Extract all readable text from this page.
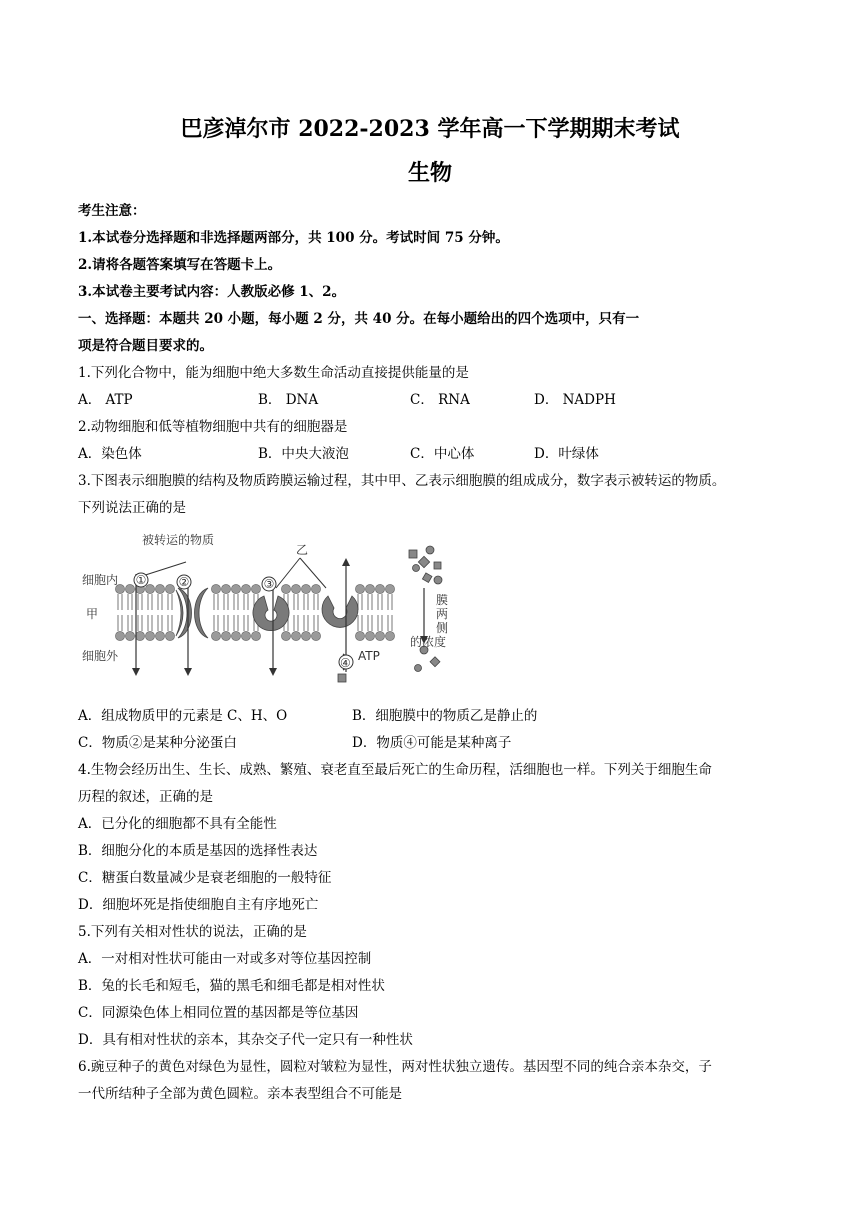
巴彦淖尔市 2022-2023 学年高一下学期期末考试
生物
考生注意：
1.本试卷分选择题和非选择题两部分，共 100 分。考试时间 75 分钟。
2.请将各题答案填写在答题卡上。
3.本试卷主要考试内容：人教版必修 1、2。
一、选择题：本题共 20 小题，每小题 2 分，共 40 分。在每小题给出的四个选项中，只有一
项是符合题目要求的。
1.下列化合物中，能为细胞中绝大多数生命活动直接提供能量的是
A． ATP	B． DNA	C． RNA	D． NADPH
2.动物细胞和低等植物细胞中共有的细胞器是
A．染色体	B．中央大液泡	C．中心体	D．叶绿体
3.下图表示细胞膜的结构及物质跨膜运输过程，其中甲、乙表示细胞膜的组成成分，数字表示被转运的物质。
下列说法正确的是
①	②	③
④
被转运的物质
细胞内
甲
细胞外
乙
膜
两
侧
的浓度
ATP
A．组成物质甲的元素是 C、H、O	B．细胞膜中的物质乙是静止的
C．物质②是某种分泌蛋白	D．物质④可能是某种离子
4.生物会经历出生、生长、成熟、繁殖、衰老直至最后死亡的生命历程，活细胞也一样。下列关于细胞生命
历程的叙述，正确的是
A．已分化的细胞都不具有全能性
B．细胞分化的本质是基因的选择性表达
C．糖蛋白数量减少是衰老细胞的一般特征
D．细胞坏死是指使细胞自主有序地死亡
5.下列有关相对性状的说法，正确的是
A．一对相对性状可能由一对或多对等位基因控制
B．兔的长毛和短毛，猫的黑毛和细毛都是相对性状
C．同源染色体上相同位置的基因都是等位基因
D．具有相对性状的亲本，其杂交子代一定只有一种性状
6.豌豆种子的黄色对绿色为显性，圆粒对皱粒为显性，两对性状独立遗传。基因型不同的纯合亲本杂交，子
一代所结种子全部为黄色圆粒。亲本表型组合不可能是
